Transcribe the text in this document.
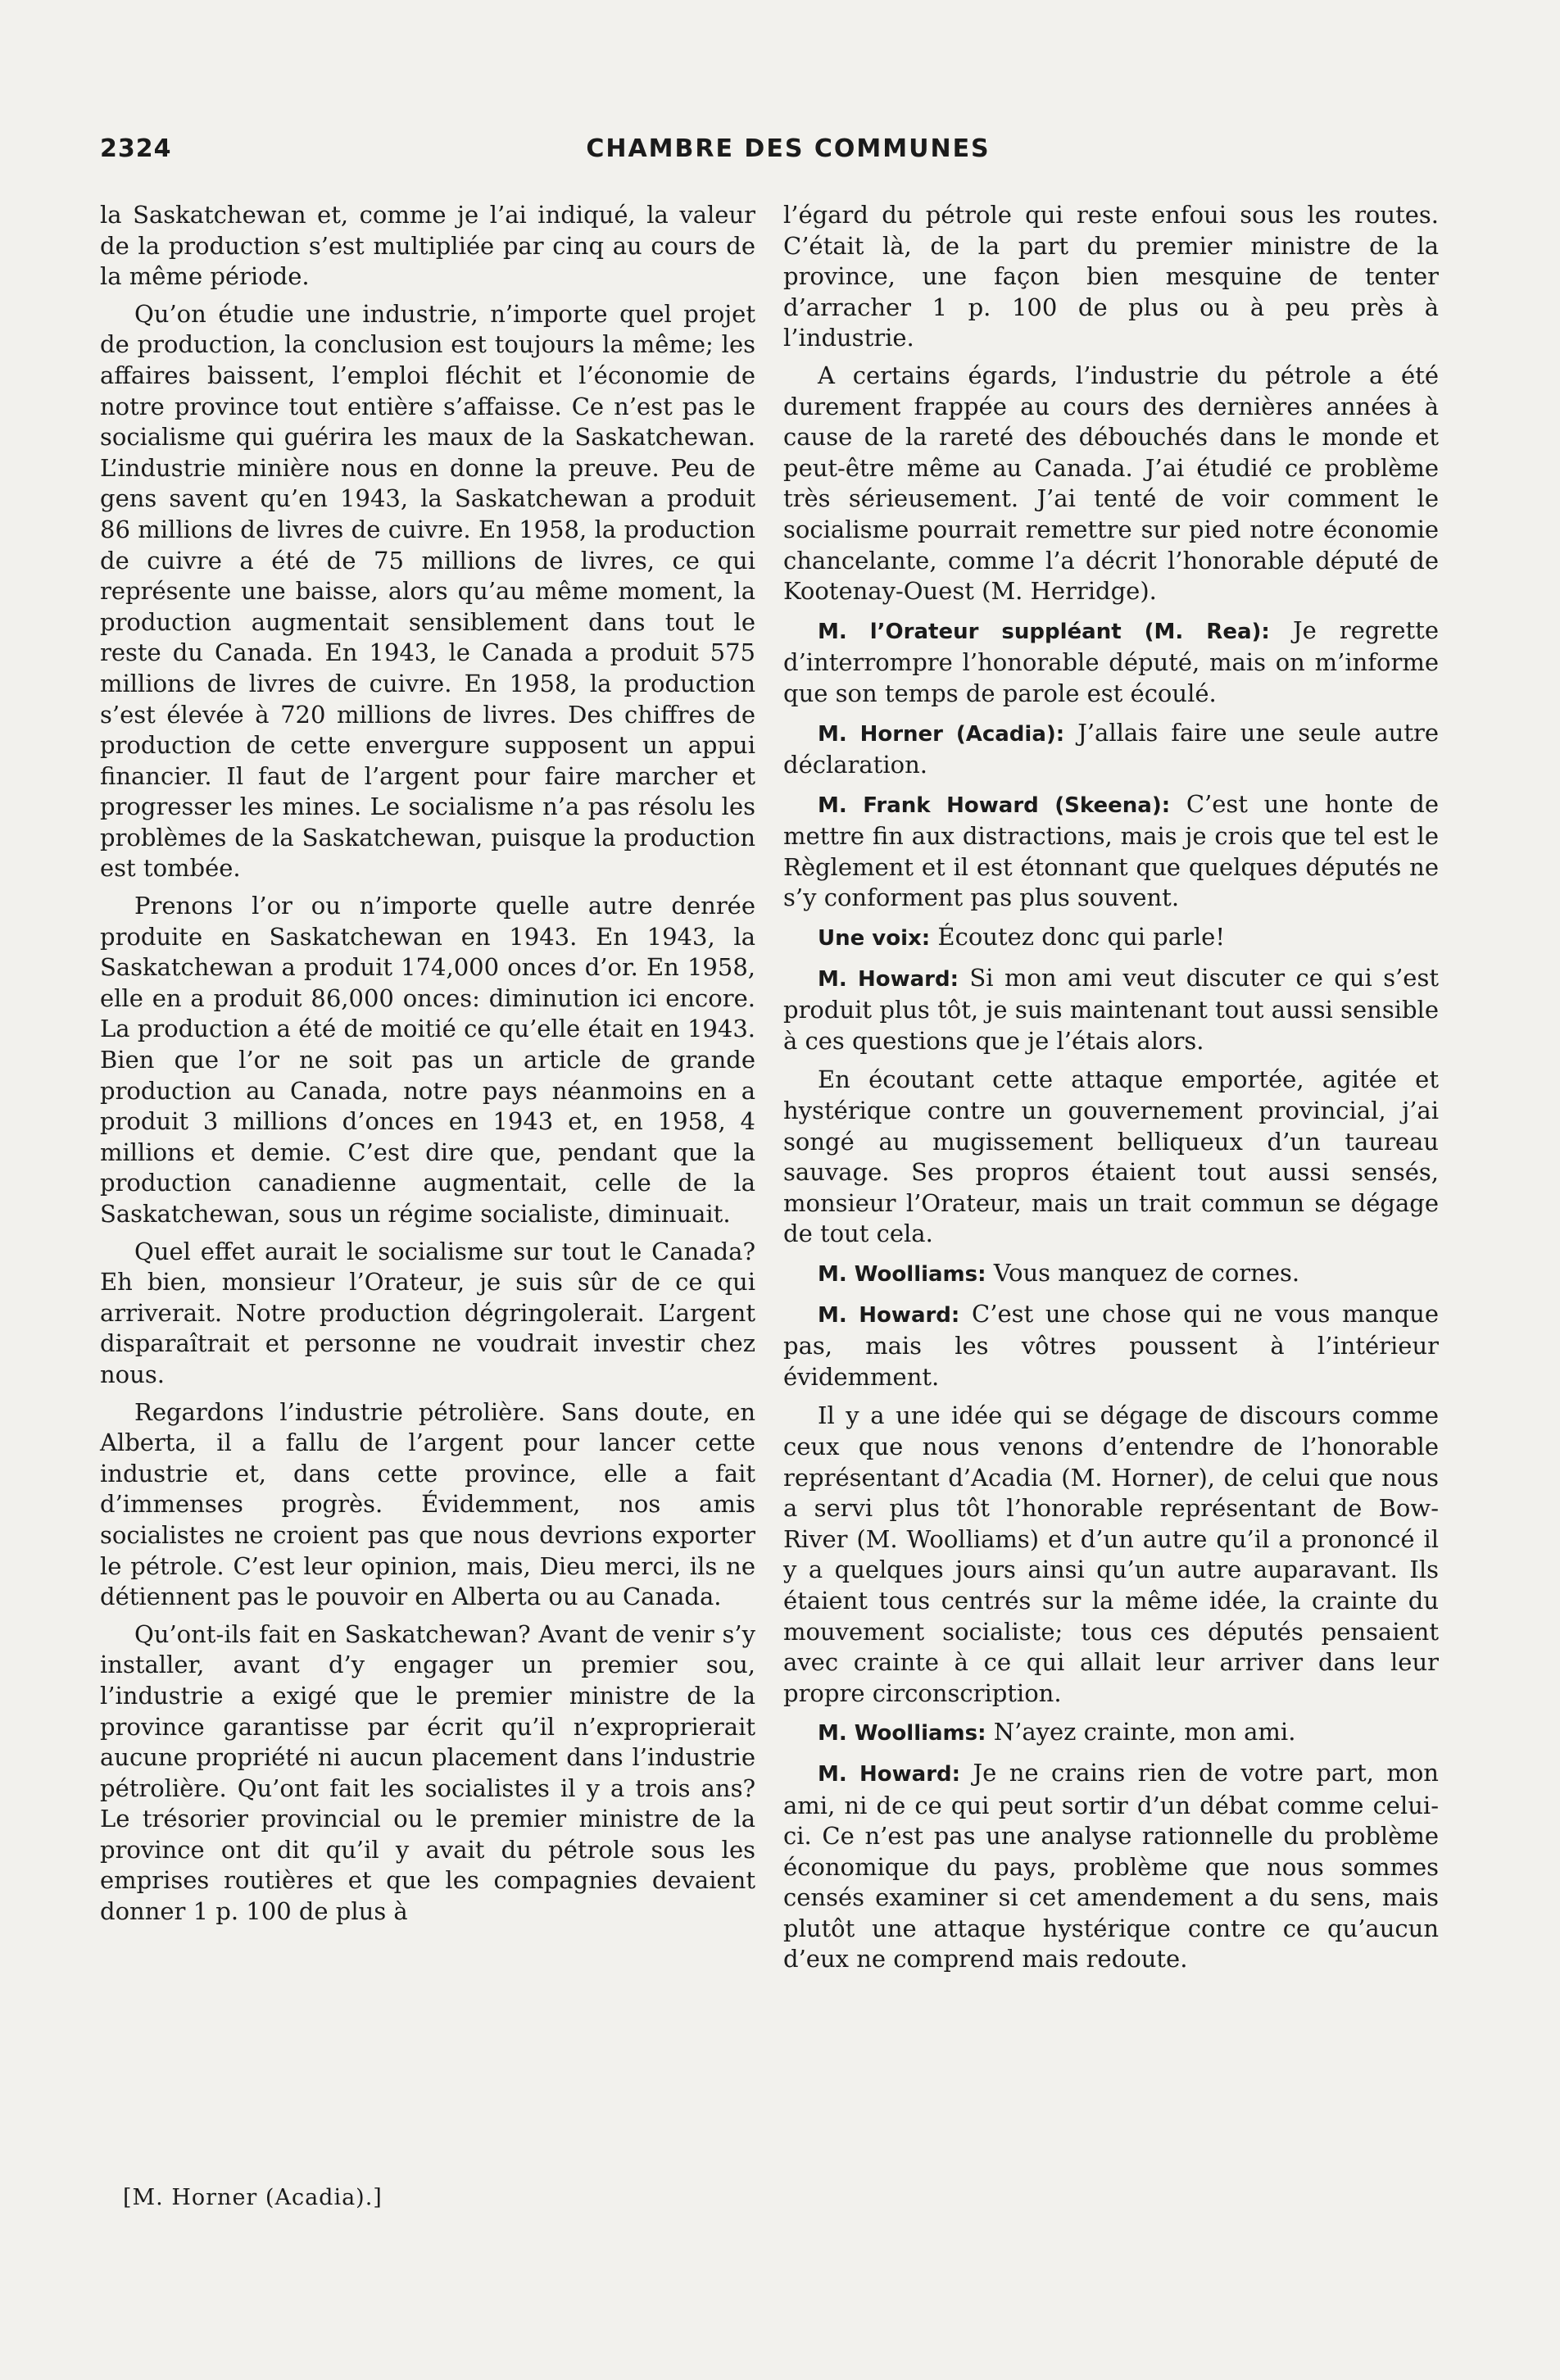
2324	CHAMBRE DES COMMUNES

la Saskatchewan et, comme je l’ai indiqué, la valeur de la production s’est multipliée par cinq au cours de la même période.

Qu’on étudie une industrie, n’importe quel projet de production, la conclusion est toujours la même; les affaires baissent, l’emploi fléchit et l’économie de notre province tout entière s’affaisse. Ce n’est pas le socialisme qui guérira les maux de la Saskatchewan. L’industrie minière nous en donne la preuve. Peu de gens savent qu’en 1943, la Saskatchewan a produit 86 millions de livres de cuivre. En 1958, la production de cuivre a été de 75 millions de livres, ce qui représente une baisse, alors qu’au même moment, la production augmentait sensiblement dans tout le reste du Canada. En 1943, le Canada a produit 575 millions de livres de cuivre. En 1958, la production s’est élevée à 720 millions de livres. Des chiffres de production de cette envergure supposent un appui financier. Il faut de l’argent pour faire marcher et progresser les mines. Le socialisme n’a pas résolu les problèmes de la Saskatchewan, puisque la production est tombée.

Prenons l’or ou n’importe quelle autre denrée produite en Saskatchewan en 1943. En 1943, la Saskatchewan a produit 174,000 onces d’or. En 1958, elle en a produit 86,000 onces: diminution ici encore. La production a été de moitié ce qu’elle était en 1943. Bien que l’or ne soit pas un article de grande production au Canada, notre pays néanmoins en a produit 3 millions d’onces en 1943 et, en 1958, 4 millions et demie. C’est dire que, pendant que la production canadienne augmentait, celle de la Saskatchewan, sous un régime socialiste, diminuait.

Quel effet aurait le socialisme sur tout le Canada? Eh bien, monsieur l’Orateur, je suis sûr de ce qui arriverait. Notre production dégringolerait. L’argent disparaîtrait et personne ne voudrait investir chez nous.

Regardons l’industrie pétrolière. Sans doute, en Alberta, il a fallu de l’argent pour lancer cette industrie et, dans cette province, elle a fait d’immenses progrès. Évidemment, nos amis socialistes ne croient pas que nous devrions exporter le pétrole. C’est leur opinion, mais, Dieu merci, ils ne détiennent pas le pouvoir en Alberta ou au Canada.

Qu’ont-ils fait en Saskatchewan? Avant de venir s’y installer, avant d’y engager un premier sou, l’industrie a exigé que le premier ministre de la province garantisse par écrit qu’il n’exproprierait aucune propriété ni aucun placement dans l’industrie pétrolière. Qu’ont fait les socialistes il y a trois ans? Le trésorier provincial ou le premier ministre de la province ont dit qu’il y avait du pétrole sous les emprises routières et que les compagnies devaient donner 1 p. 100 de plus à

[M. Horner (Acadia).]

l’égard du pétrole qui reste enfoui sous les routes. C’était là, de la part du premier ministre de la province, une façon bien mesquine de tenter d’arracher 1 p. 100 de plus ou à peu près à l’industrie.

A certains égards, l’industrie du pétrole a été durement frappée au cours des dernières années à cause de la rareté des débouchés dans le monde et peut-être même au Canada. J’ai étudié ce problème très sérieusement. J’ai tenté de voir comment le socialisme pourrait remettre sur pied notre économie chancelante, comme l’a décrit l’honorable député de Kootenay-Ouest (M. Herridge).

M. l’Orateur suppléant (M. Rea): Je regrette d’interrompre l’honorable député, mais on m’informe que son temps de parole est écoulé.

M. Horner (Acadia): J’allais faire une seule autre déclaration.

M. Frank Howard (Skeena): C’est une honte de mettre fin aux distractions, mais je crois que tel est le Règlement et il est étonnant que quelques députés ne s’y conforment pas plus souvent.

Une voix: Écoutez donc qui parle!

M. Howard: Si mon ami veut discuter ce qui s’est produit plus tôt, je suis maintenant tout aussi sensible à ces questions que je l’étais alors.

En écoutant cette attaque emportée, agitée et hystérique contre un gouvernement provincial, j’ai songé au mugissement belliqueux d’un taureau sauvage. Ses propros étaient tout aussi sensés, monsieur l’Orateur, mais un trait commun se dégage de tout cela.

M. Woolliams: Vous manquez de cornes.

M. Howard: C’est une chose qui ne vous manque pas, mais les vôtres poussent à l’intérieur évidemment.

Il y a une idée qui se dégage de discours comme ceux que nous venons d’entendre de l’honorable représentant d’Acadia (M. Horner), de celui que nous a servi plus tôt l’honorable représentant de Bow-River (M. Woolliams) et d’un autre qu’il a prononcé il y a quelques jours ainsi qu’un autre auparavant. Ils étaient tous centrés sur la même idée, la crainte du mouvement socialiste; tous ces députés pensaient avec crainte à ce qui allait leur arriver dans leur propre circonscription.

M. Woolliams: N’ayez crainte, mon ami.

M. Howard: Je ne crains rien de votre part, mon ami, ni de ce qui peut sortir d’un débat comme celui-ci. Ce n’est pas une analyse rationnelle du problème économique du pays, problème que nous sommes censés examiner si cet amendement a du sens, mais plutôt une attaque hystérique contre ce qu’aucun d’eux ne comprend mais redoute.
